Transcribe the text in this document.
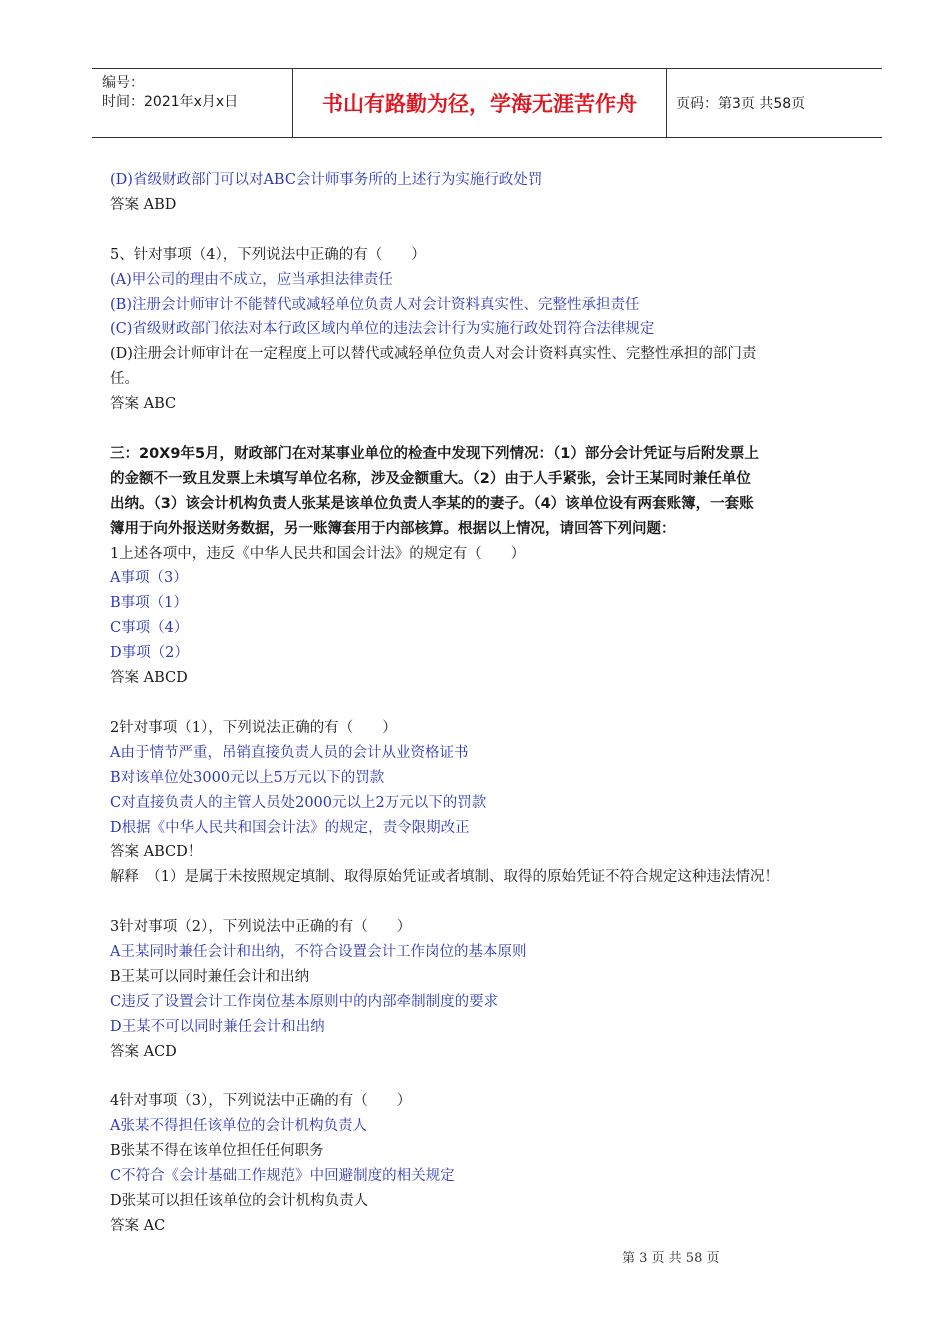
编号：
时间：2021年x月x日	书山有路勤为径，学海无涯苦作舟	页码：第3页 共58页
(D)省级财政部门可以对ABC会计师事务所的上述行为实施行政处罚
答案 ABD
5、针对事项（4），下列说法中正确的有（　　）
(A)甲公司的理由不成立，应当承担法律责任
(B)注册会计师审计不能替代或减轻单位负责人对会计资料真实性、完整性承担责任
(C)省级财政部门依法对本行政区域内单位的违法会计行为实施行政处罚符合法律规定
(D)注册会计师审计在一定程度上可以替代或减轻单位负责人对会计资料真实性、完整性承担的部门责
任。
答案 ABC
三：20X9年5月，财政部门在对某事业单位的检查中发现下列情况：（1）部分会计凭证与后附发票上
的金额不一致且发票上未填写单位名称，涉及金额重大。（2）由于人手紧张，会计王某同时兼任单位
出纳。（3）该会计机构负责人张某是该单位负责人李某的的妻子。（4）该单位设有两套账簿，一套账
簿用于向外报送财务数据，另一账簿套用于内部核算。根据以上情况，请回答下列问题：
1上述各项中，违反《中华人民共和国会计法》的规定有（　　）
A事项（3）
B事项（1）
C事项（4）
D事项（2）
答案 ABCD
2针对事项（1），下列说法正确的有（　　）
A由于情节严重，吊销直接负责人员的会计从业资格证书
B对该单位处3000元以上5万元以下的罚款
C对直接负责人的主管人员处2000元以上2万元以下的罚款
D根据《中华人民共和国会计法》的规定，责令限期改正
答案 ABCD！
解释　（1）是属于未按照规定填制、取得原始凭证或者填制、取得的原始凭证不符合规定这种违法情况！
3针对事项（2），下列说法中正确的有（　　）
A王某同时兼任会计和出纳，不符合设置会计工作岗位的基本原则
B王某可以同时兼任会计和出纳
C违反了设置会计工作岗位基本原则中的内部牵制制度的要求
D王某不可以同时兼任会计和出纳
答案 ACD
4针对事项（3），下列说法中正确的有（　　）
A张某不得担任该单位的会计机构负责人
B张某不得在该单位担任任何职务
C不符合《会计基础工作规范》中回避制度的相关规定
D张某可以担任该单位的会计机构负责人
答案 AC
第 3 页 共 58 页
